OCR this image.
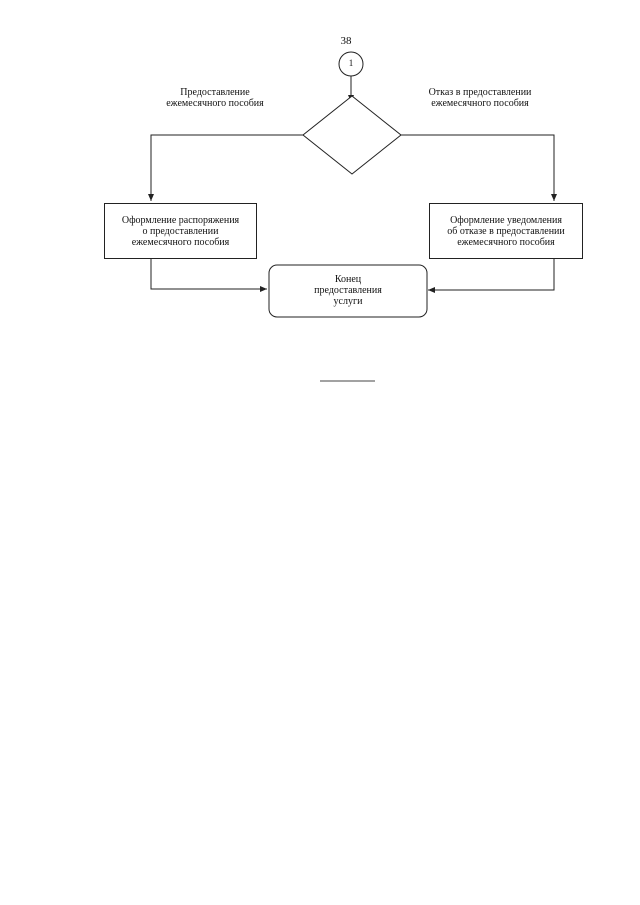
38
1
Предоставление
ежемесячного пособия
Отказ в предоставлении
ежемесячного пособия
Оформление распоряжения
о предоставлении
ежемесячного пособия
Оформление уведомления
об отказе в предоставлении
ежемесячного пособия
Конец
предоставления
услуги
